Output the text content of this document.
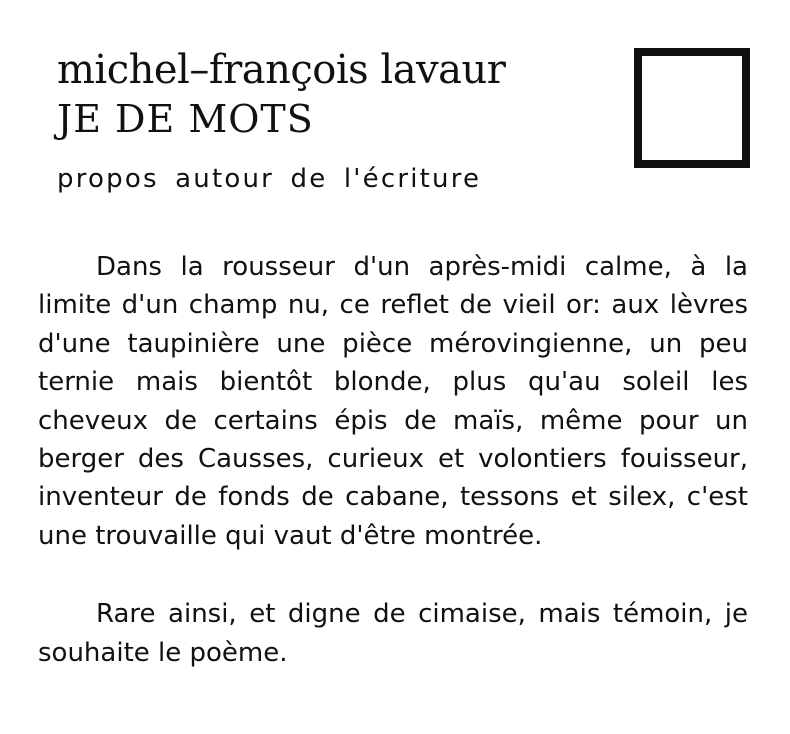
michel–françois lavaur
JE DE MOTS
propos autour de l'écriture

Dans la rousseur d'un après-midi calme, à la limite d'un champ nu, ce reflet de vieil or: aux lèvres d'une taupinière une pièce mérovingienne, un peu ternie mais bientôt blonde, plus qu'au soleil les cheveux de certains épis de maïs, même pour un berger des Causses, curieux et volontiers fouisseur, inventeur de fonds de cabane, tessons et silex, c'est une trouvaille qui vaut d'être montrée.

Rare ainsi, et digne de cimaise, mais témoin, je souhaite le poème.
